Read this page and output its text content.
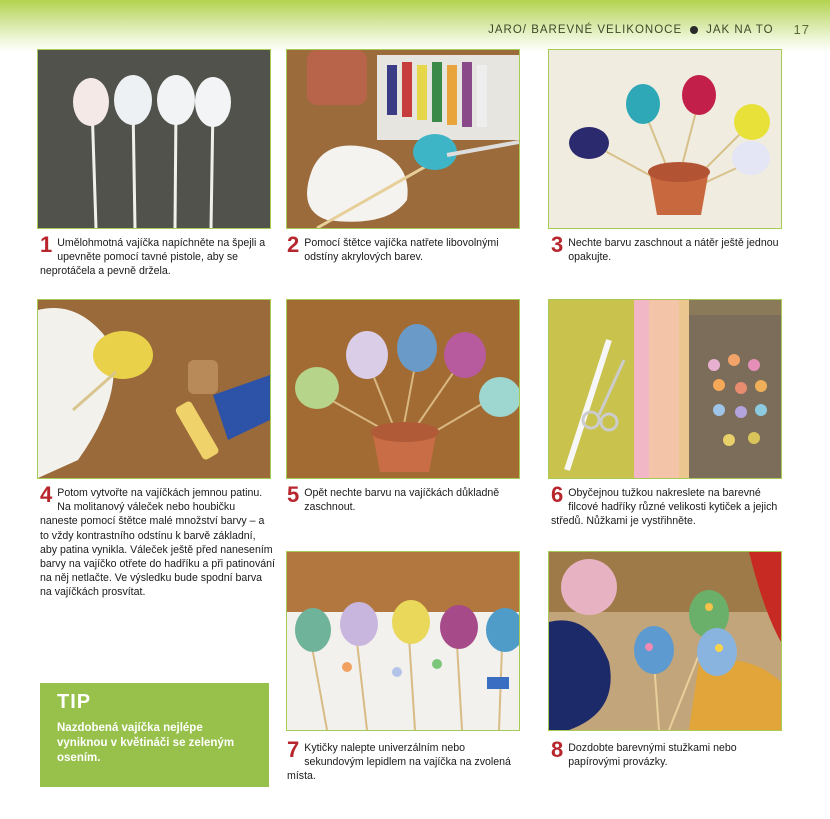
JARO/ BAREVNÉ VELIKONOCE JAK NA TO 17
1 Umělohmotná vajíčka napíchněte na špejli a upevněte pomocí tavné pistole, aby se neprotáčela a pevně držela.
2 Pomocí štětce vajíčka natřete libovolnými odstíny akrylových barev.
3 Nechte barvu zaschnout a nátěr ještě jednou opakujte.
4 Potom vytvořte na vajíčkách jemnou patinu. Na molitanový váleček nebo houbičku naneste pomocí štětce malé množství barvy – a to vždy kontrastního odstínu k barvě základní, aby patina vynikla. Váleček ještě před nanesením barvy na vajíčko otřete do hadříku a při patinování na něj netlačte. Ve výsledku bude spodní barva na vajíčkách prosvítat.
5 Opět nechte barvu na vajíčkách důkladně zaschnout.
6 Obyčejnou tužkou nakreslete na barevné filcové hadříky různé velikosti kytiček a jejich středů. Nůžkami je vystřihněte.
7 Kytičky nalepte univerzálním nebo sekundovým lepidlem na vajíčka na zvolená místa.
8 Dozdobte barevnými stužkami nebo papírovými provázky.
TIP
Nazdobená vajíčka nejlépe vyniknou v květináči se zeleným osením.
